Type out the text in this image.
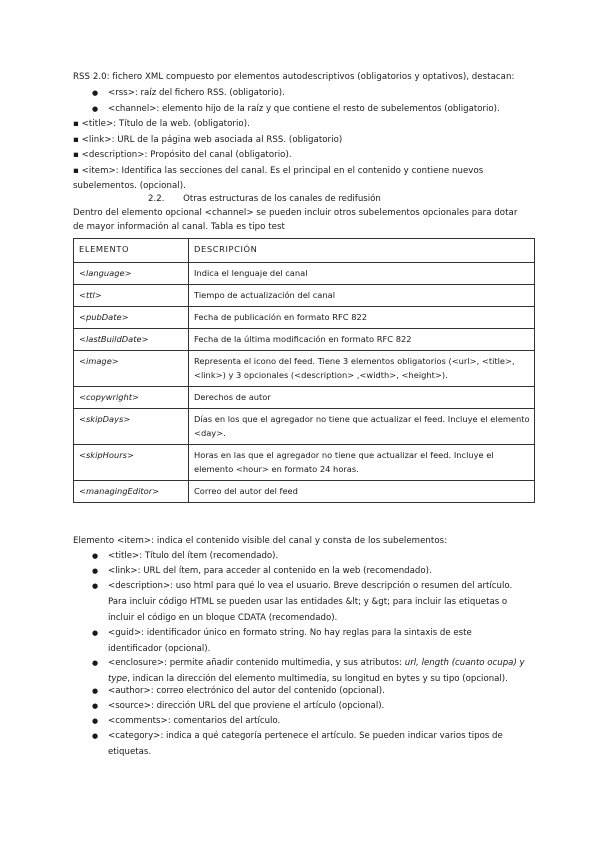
RSS 2.0: fichero XML compuesto por elementos autodescriptivos (obligatorios y optativos), destacan:
● <rss>: raíz del fichero RSS. (obligatorio).
● <channel>: elemento hijo de la raíz y que contiene el resto de subelementos (obligatorio).
▪ <title>: Título de la web. (obligatorio).
▪ <link>: URL de la página web asociada al RSS. (obligatorio)
▪ <description>: Propósito del canal (obligatorio).
▪ <item>: Identifica las secciones del canal. Es el principal en el contenido y contiene nuevos
subelementos. (opcional).
2.2. Otras estructuras de los canales de redifusión
Dentro del elemento opcional <channel> se pueden incluir otros subelementos opcionales para dotar
de mayor información al canal. Tabla es tipo test
ELEMENTO	DESCRIPCIÓN
<language>	Indica el lenguaje del canal
<ttl>	Tiempo de actualización del canal
<pubDate>	Fecha de publicación en formato RFC 822
<lastBuildDate>	Fecha de la última modificación en formato RFC 822
<image>	Representa el icono del feed. Tiene 3 elementos obligatorios (<url>, <title>, <link>) y 3 opcionales (<description> ,<width>, <height>).
<copywright>	Derechos de autor
<skipDays>	Días en los que el agregador no tiene que actualizar el feed. Incluye el elemento <day>.
<skipHours>	Horas en las que el agregador no tiene que actualizar el feed. Incluye el elemento <hour> en formato 24 horas.
<managingEditor>	Correo del autor del feed
Elemento <item>: indica el contenido visible del canal y consta de los subelementos:
● <title>: Título del ítem (recomendado).
● <link>: URL del ítem, para acceder al contenido en la web (recomendado).
● <description>: uso html para qué lo vea el usuario. Breve descripción o resumen del artículo. Para incluir código HTML se pueden usar las entidades &lt; y &gt; para incluir las etiquetas o incluir el código en un bloque CDATA (recomendado).
● <guid>: identificador único en formato string. No hay reglas para la sintaxis de este identificador (opcional).
● <enclosure>: permite añadir contenido multimedia, y sus atributos: url, length (cuanto ocupa) y type, indican la dirección del elemento multimedia, su longitud en bytes y su tipo (opcional).
● <author>: correo electrónico del autor del contenido (opcional).
● <source>: dirección URL del que proviene el artículo (opcional).
● <comments>: comentarios del artículo.
● <category>: indica a qué categoría pertenece el artículo. Se pueden indicar varios tipos de etiquetas.
